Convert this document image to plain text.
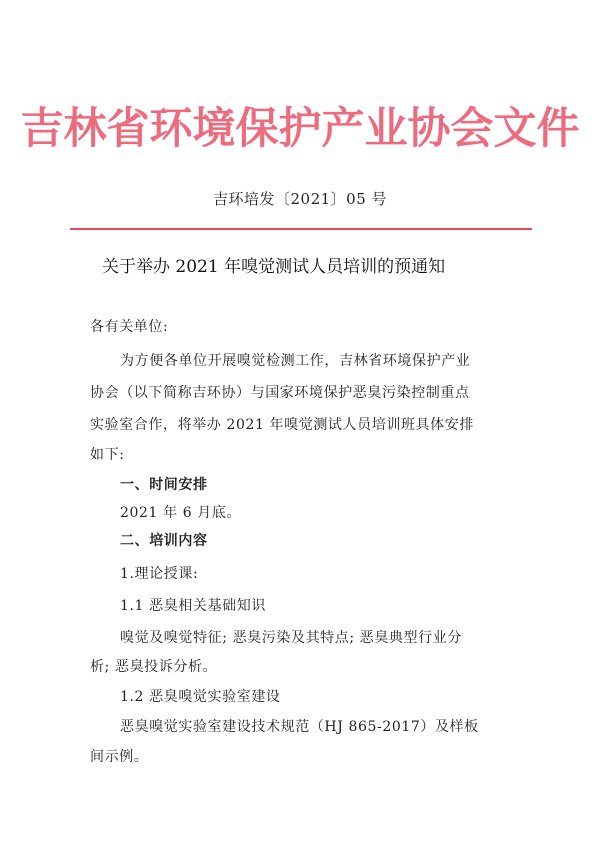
吉林省环境保护产业协会文件
吉环培发〔2021〕05 号
关于举办 2021 年嗅觉测试人员培训的预通知
各有关单位:
为方便各单位开展嗅觉检测工作，吉林省环境保护产业
协会（以下简称吉环协）与国家环境保护恶臭污染控制重点
实验室合作，将举办 2021 年嗅觉测试人员培训班具体安排
如下:
一、时间安排
2021 年 6 月底。
二、培训内容
1.理论授课:
1.1 恶臭相关基础知识
嗅觉及嗅觉特征; 恶臭污染及其特点; 恶臭典型行业分
析; 恶臭投诉分析。
1.2 恶臭嗅觉实验室建设
恶臭嗅觉实验室建设技术规范（HJ 865-2017）及样板
间示例。
